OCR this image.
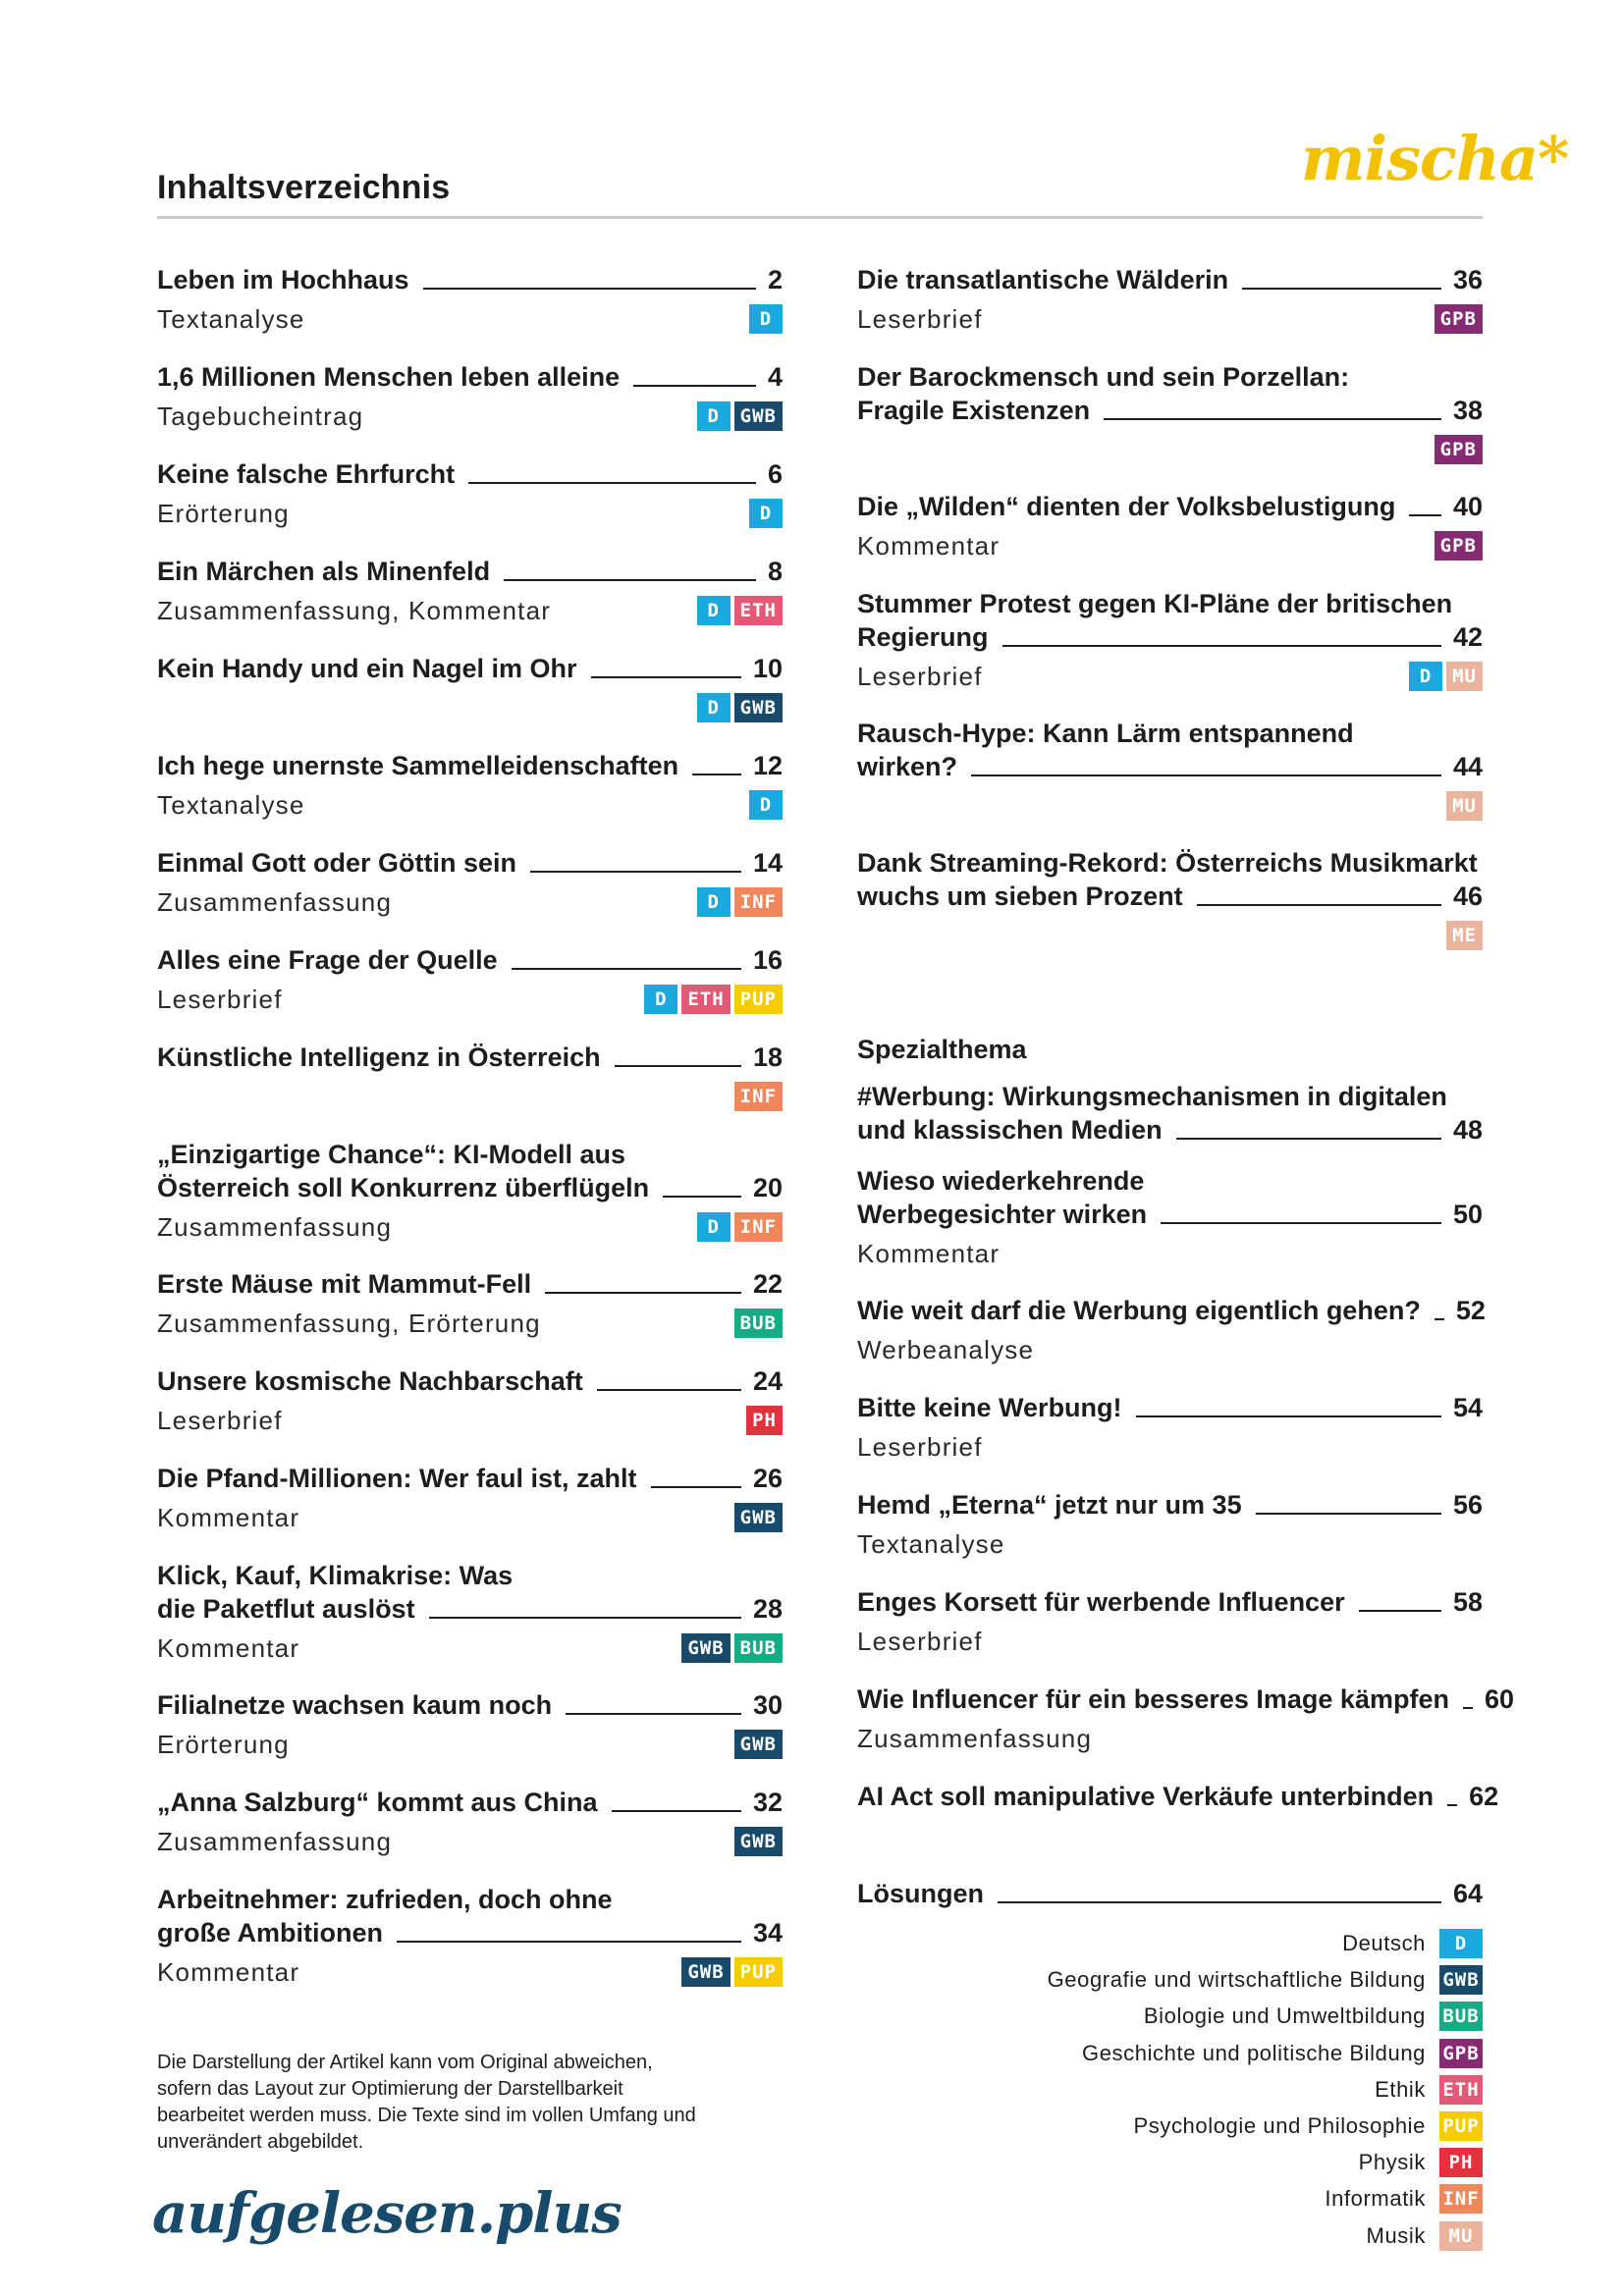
Inhaltsverzeichnis	mischa*
Leben im Hochhaus	2
Textanalyse	D
1,6 Millionen Menschen leben alleine	4
Tagebucheintrag	D	GWB
Keine falsche Ehrfurcht	6
Erörterung	D
Ein Märchen als Minenfeld	8
Zusammenfassung, Kommentar	D	ETH
Kein Handy und ein Nagel im Ohr	10
D	GWB
Ich hege unernste Sammelleidenschaften	12
Textanalyse	D
Einmal Gott oder Göttin sein	14
Zusammenfassung	D	INF
Alles eine Frage der Quelle	16
Leserbrief	D	ETH PUP
Künstliche Intelligenz in Österreich	18
INF
„Einzigartige Chance“: KI-Modell aus
Österreich soll Konkurrenz überflügeln	20
Zusammenfassung	D	INF
Erste Mäuse mit Mammut-Fell	22
Zusammenfassung, Erörterung	BUB
Unsere kosmische Nachbarschaft	24
Leserbrief	PH
Die Pfand-Millionen: Wer faul ist, zahlt	26
Kommentar	GWB
Klick, Kauf, Klimakrise: Was
die Paketflut auslöst	28
Kommentar	GWB BUB
Filialnetze wachsen kaum noch	30
Erörterung	GWB
„Anna Salzburg“ kommt aus China	32
Zusammenfassung	GWB
Arbeitnehmer: zufrieden, doch ohne
große Ambitionen	34
Kommentar	GWB PUP
Spezialthema
Die transatlantische Wälderin	36
Leserbrief	GPB
Der Barockmensch und sein Porzellan:
Fragile Existenzen	38
GPB
Die „Wilden“ dienten der Volksbelustigung 40
Kommentar	GPB
Stummer Protest gegen KI-Pläne der britischen
Regierung	42
Leserbrief	D	MU
Rausch-Hype: Kann Lärm entspannend
wirken?	44
MU
Dank Streaming-Rekord: Österreichs Musikmarkt
wuchs um sieben Prozent	46
ME
#Werbung: Wirkungsmechanismen in digitalen
und klassischen Medien	48
Wieso wiederkehrende
Werbegesichter wirken	50
Kommentar
Wie weit darf die Werbung eigentlich gehen? 52
Werbeanalyse
Bitte keine Werbung!	54
Leserbrief
Hemd „Eterna“ jetzt nur um 35	56
Textanalyse
Enges Korsett für werbende Influencer	58
Leserbrief
Wie Influencer für ein besseres Image kämpfen 60
Zusammenfassung
AI Act soll manipulative Verkäufe unterbinden 62
Lösungen	64
Die Darstellung der Artikel kann vom Original abweichen, sofern das Layout zur Optimierung der Darstellbarkeit bearbeitet werden muss. Die Texte sind im vollen Umfang und unverändert abgebildet.
aufgelesen.plus
Deutsch	D
Geografie und wirtschaftliche Bildung GWB
Biologie und Umweltbildung BUB
Geschichte und politische Bildung GPB
Ethik ETH
Psychologie und Philosophie PUP
Physik	PH
Informatik INF
Musik	MU
